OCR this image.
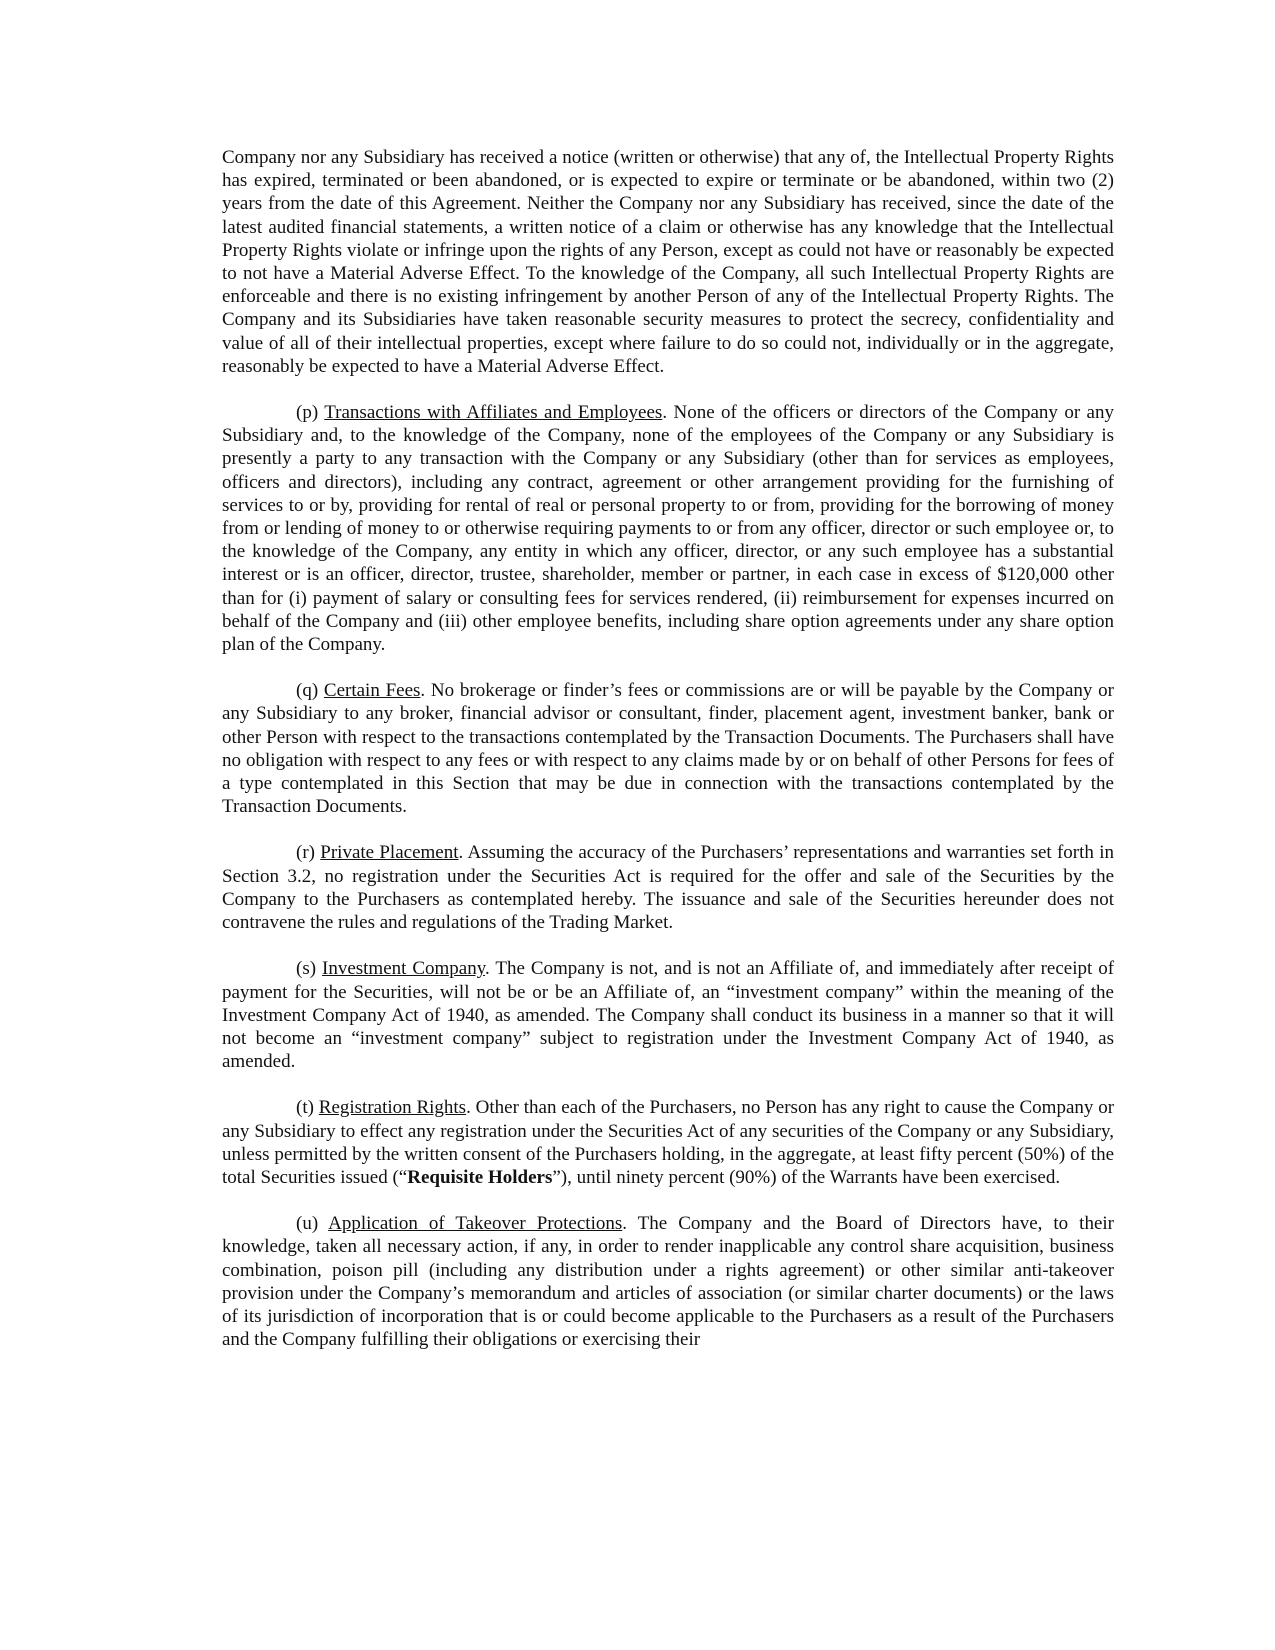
Company nor any Subsidiary has received a notice (written or otherwise) that any of, the Intellectual Property Rights has expired, terminated or been abandoned, or is expected to expire or terminate or be abandoned, within two (2) years from the date of this Agreement. Neither the Company nor any Subsidiary has received, since the date of the latest audited financial statements, a written notice of a claim or otherwise has any knowledge that the Intellectual Property Rights violate or infringe upon the rights of any Person, except as could not have or reasonably be expected to not have a Material Adverse Effect. To the knowledge of the Company, all such Intellectual Property Rights are enforceable and there is no existing infringement by another Person of any of the Intellectual Property Rights. The Company and its Subsidiaries have taken reasonable security measures to protect the secrecy, confidentiality and value of all of their intellectual properties, except where failure to do so could not, individually or in the aggregate, reasonably be expected to have a Material Adverse Effect.

(p) Transactions with Affiliates and Employees. None of the officers or directors of the Company or any Subsidiary and, to the knowledge of the Company, none of the employees of the Company or any Subsidiary is presently a party to any transaction with the Company or any Subsidiary (other than for services as employees, officers and directors), including any contract, agreement or other arrangement providing for the furnishing of services to or by, providing for rental of real or personal property to or from, providing for the borrowing of money from or lending of money to or otherwise requiring payments to or from any officer, director or such employee or, to the knowledge of the Company, any entity in which any officer, director, or any such employee has a substantial interest or is an officer, director, trustee, shareholder, member or partner, in each case in excess of $120,000 other than for (i) payment of salary or consulting fees for services rendered, (ii) reimbursement for expenses incurred on behalf of the Company and (iii) other employee benefits, including share option agreements under any share option plan of the Company.

(q) Certain Fees. No brokerage or finder’s fees or commissions are or will be payable by the Company or any Subsidiary to any broker, financial advisor or consultant, finder, placement agent, investment banker, bank or other Person with respect to the transactions contemplated by the Transaction Documents. The Purchasers shall have no obligation with respect to any fees or with respect to any claims made by or on behalf of other Persons for fees of a type contemplated in this Section that may be due in connection with the transactions contemplated by the Transaction Documents.

(r) Private Placement. Assuming the accuracy of the Purchasers’ representations and warranties set forth in Section 3.2, no registration under the Securities Act is required for the offer and sale of the Securities by the Company to the Purchasers as contemplated hereby. The issuance and sale of the Securities hereunder does not contravene the rules and regulations of the Trading Market.

(s) Investment Company. The Company is not, and is not an Affiliate of, and immediately after receipt of payment for the Securities, will not be or be an Affiliate of, an “investment company” within the meaning of the Investment Company Act of 1940, as amended. The Company shall conduct its business in a manner so that it will not become an “investment company” subject to registration under the Investment Company Act of 1940, as amended.

(t) Registration Rights. Other than each of the Purchasers, no Person has any right to cause the Company or any Subsidiary to effect any registration under the Securities Act of any securities of the Company or any Subsidiary, unless permitted by the written consent of the Purchasers holding, in the aggregate, at least fifty percent (50%) of the total Securities issued (“Requisite Holders”), until ninety percent (90%) of the Warrants have been exercised.

(u) Application of Takeover Protections. The Company and the Board of Directors have, to their knowledge, taken all necessary action, if any, in order to render inapplicable any control share acquisition, business combination, poison pill (including any distribution under a rights agreement) or other similar anti-takeover provision under the Company’s memorandum and articles of association (or similar charter documents) or the laws of its jurisdiction of incorporation that is or could become applicable to the Purchasers as a result of the Purchasers and the Company fulfilling their obligations or exercising their
